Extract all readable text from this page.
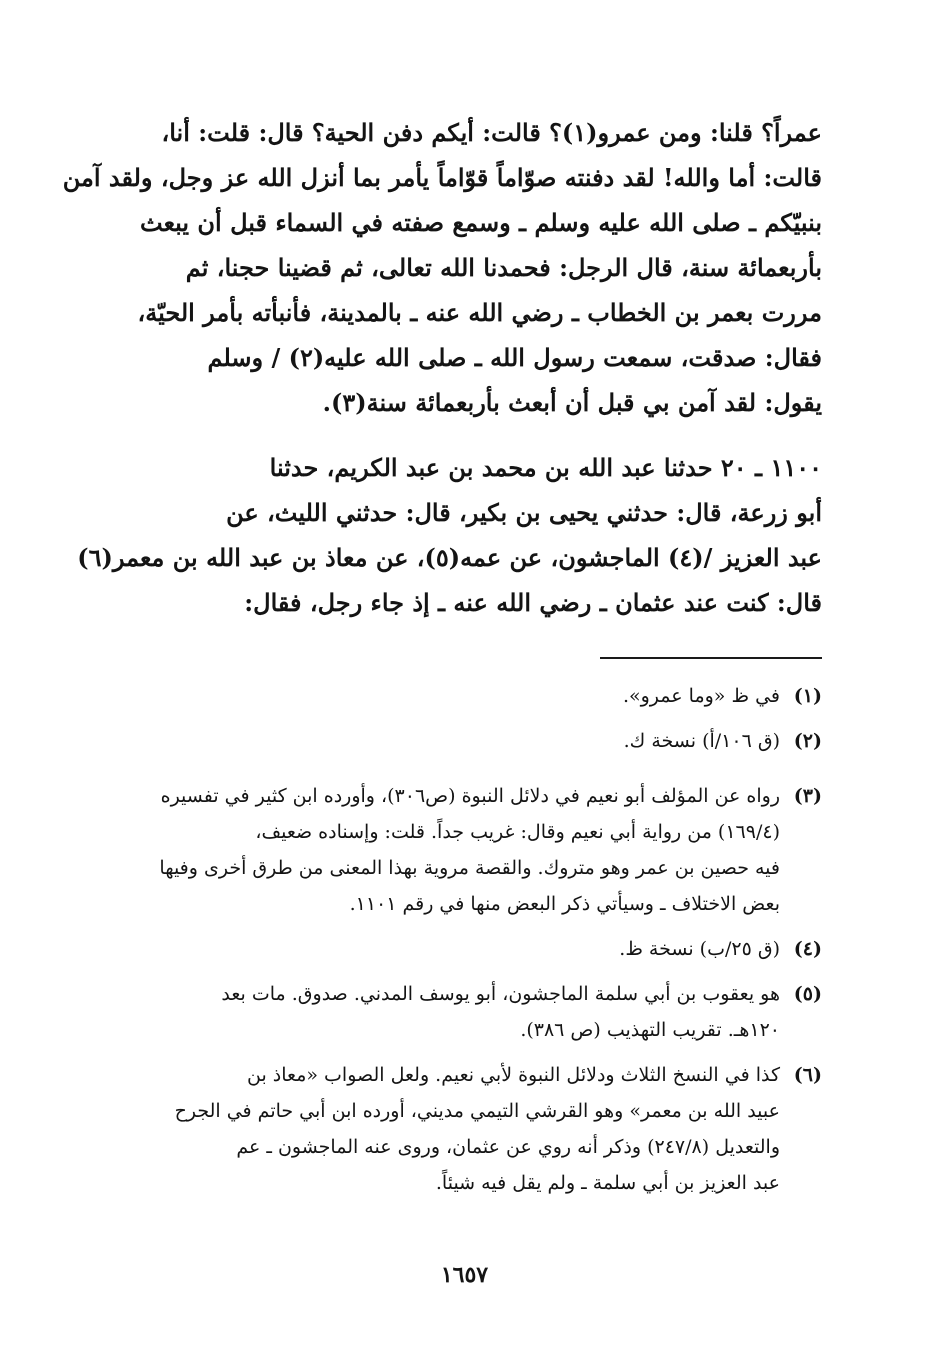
عمراً؟ قلنا: ومن عمرو(١)؟ قالت: أيكم دفن الحية؟ قال: قلت: أنا،
قالت: أما والله! لقد دفنته صوّاماً قوّاماً يأمر بما أنزل الله عز وجل، ولقد آمن
بنبيّكم ـ صلى الله عليه وسلم ـ وسمع صفته في السماء قبل أن يبعث
بأربعمائة سنة، قال الرجل: فحمدنا الله تعالى، ثم قضينا حجنا، ثم
مررت بعمر بن الخطاب ـ رضي الله عنه ـ بالمدينة، فأنبأته بأمر الحيّة،
فقال: صدقت، سمعت رسول الله ـ صلى الله عليه(٢) / وسلم
يقول: لقد آمن بي قبل أن أبعث بأربعمائة سنة(٣).
١١٠٠ ـ ٢٠ حدثنا عبد الله بن محمد بن عبد الكريم، حدثنا
أبو زرعة، قال: حدثني يحيى بن بكير، قال: حدثني الليث، عن
عبد العزيز /(٤) الماجشون، عن عمه(٥)، عن معاذ بن عبد الله بن معمر(٦)
قال: كنت عند عثمان ـ رضي الله عنه ـ إذ جاء رجل، فقال:
(١)
في ظ «وما عمرو».
(٢)
(ق ١٠٦/أ) نسخة ك.
(٣)
رواه عن المؤلف أبو نعيم في دلائل النبوة (ص٣٠٦)، وأورده ابن كثير في تفسيره
(١٦٩/٤) من رواية أبي نعيم وقال: غريب جداً. قلت: وإسناده ضعيف،
فيه حصين بن عمر وهو متروك. والقصة مروية بهذا المعنى من طرق أخرى وفيها
بعض الاختلاف ـ وسيأتي ذكر البعض منها في رقم ١١٠١.
(٤)
(ق ٢٥/ب) نسخة ظ.
(٥)
هو يعقوب بن أبي سلمة الماجشون، أبو يوسف المدني. صدوق. مات بعد
١٢٠هـ. تقريب التهذيب (ص ٣٨٦).
(٦)
كذا في النسخ الثلاث ودلائل النبوة لأبي نعيم. ولعل الصواب «معاذ بن
عبيد الله بن معمر» وهو القرشي التيمي مديني، أورده ابن أبي حاتم في الجرح
والتعديل (٢٤٧/٨) وذكر أنه روي عن عثمان، وروى عنه الماجشون ـ عم
عبد العزيز بن أبي سلمة ـ ولم يقل فيه شيئاً.
١٦٥٧
